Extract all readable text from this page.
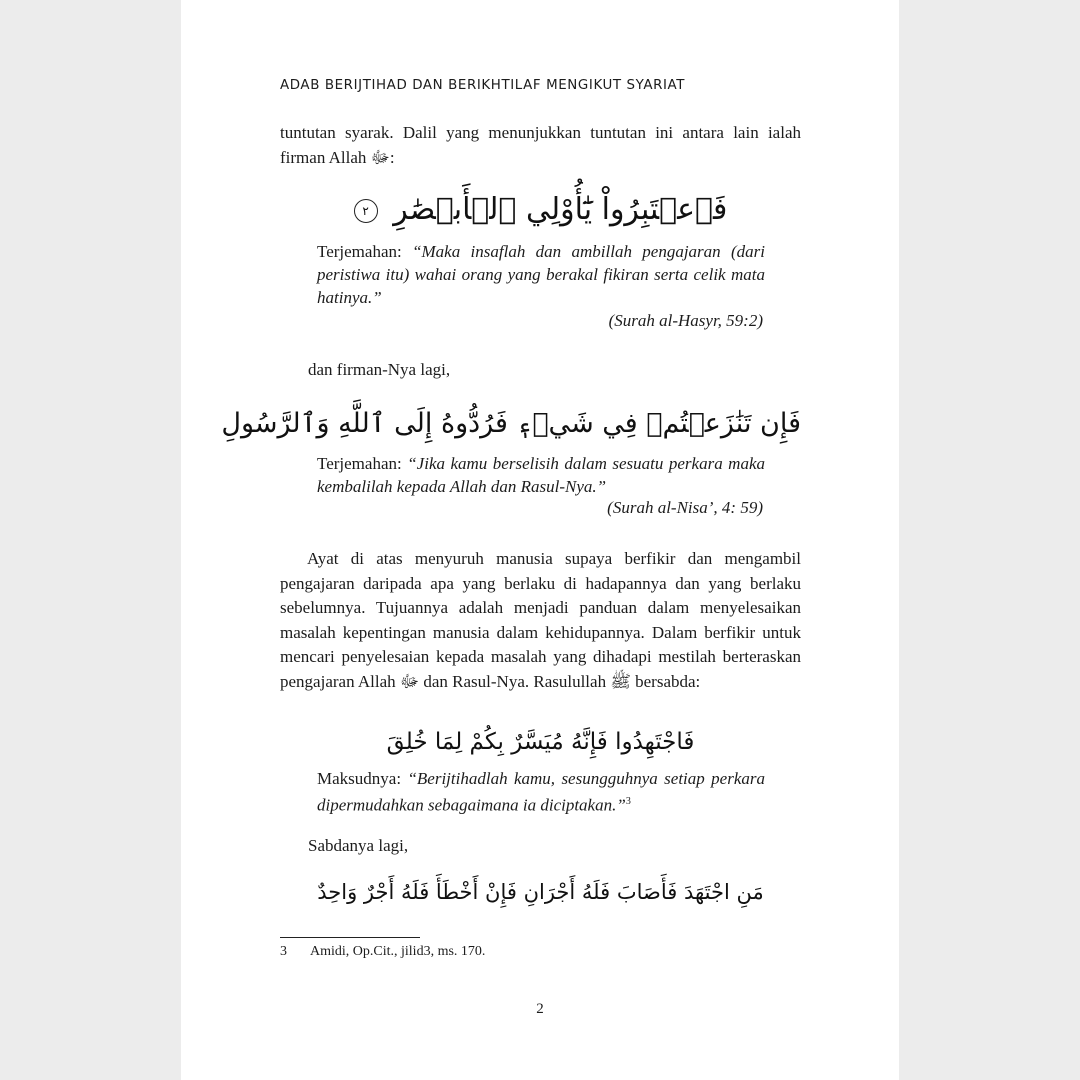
ADAB BERIJTIHAD DAN BERIKHTILAF MENGIKUT SYARIAT

tuntutan syarak. Dalil yang menunjukkan tuntutan ini antara lain ialah firman Allah ﷻ:

فَٱعۡتَبِرُواْ يَٰٓأُوْلِي ٱلۡأَبۡصَٰرِ ٢

Terjemahan: “Maka insaflah dan ambillah pengajaran (dari peristiwa itu) wahai orang yang berakal fikiran serta celik mata hatinya.”

(Surah al-Hasyr, 59:2)
dan firman-Nya lagi,
فَإِن تَنَٰزَعۡتُمۡ فِي شَيۡءٖ فَرُدُّوهُ إِلَى ٱللَّهِ وَٱلرَّسُولِ

Terjemahan: “Jika kamu berselisih dalam sesuatu perkara maka kembalilah kepada Allah dan Rasul-Nya.”

(Surah al-Nisa’, 4: 59)

Ayat di atas menyuruh manusia supaya berfikir dan mengambil pengajaran daripada apa yang berlaku di hadapannya dan yang berlaku sebelumnya. Tujuannya adalah menjadi panduan dalam menyelesaikan masalah kepentingan manusia dalam kehidupannya. Dalam berfikir untuk mencari penyelesaian kepada masalah yang dihadapi mestilah berteraskan pengajaran Allah ﷻ dan Rasul-Nya. Rasulullah ﷺ bersabda:

فَاجْتَهِدُوا فَإِنَّهُ مُيَسَّرٌ بِكُمْ لِمَا خُلِقَ

Maksudnya: “Berijtihadlah kamu, sesungguhnya setiap perkara dipermudahkan sebagaimana ia diciptakan.”$^3$

Sabdanya lagi,
مَنِ اجْتَهَدَ فَأَصَابَ فَلَهُ أَجْرَانِ فَإِنْ أَخْطَأَ فَلَهُ أَجْرٌ وَاحِدٌ
3 Amidi, Op.Cit., jilid3, ms. 170.
2
